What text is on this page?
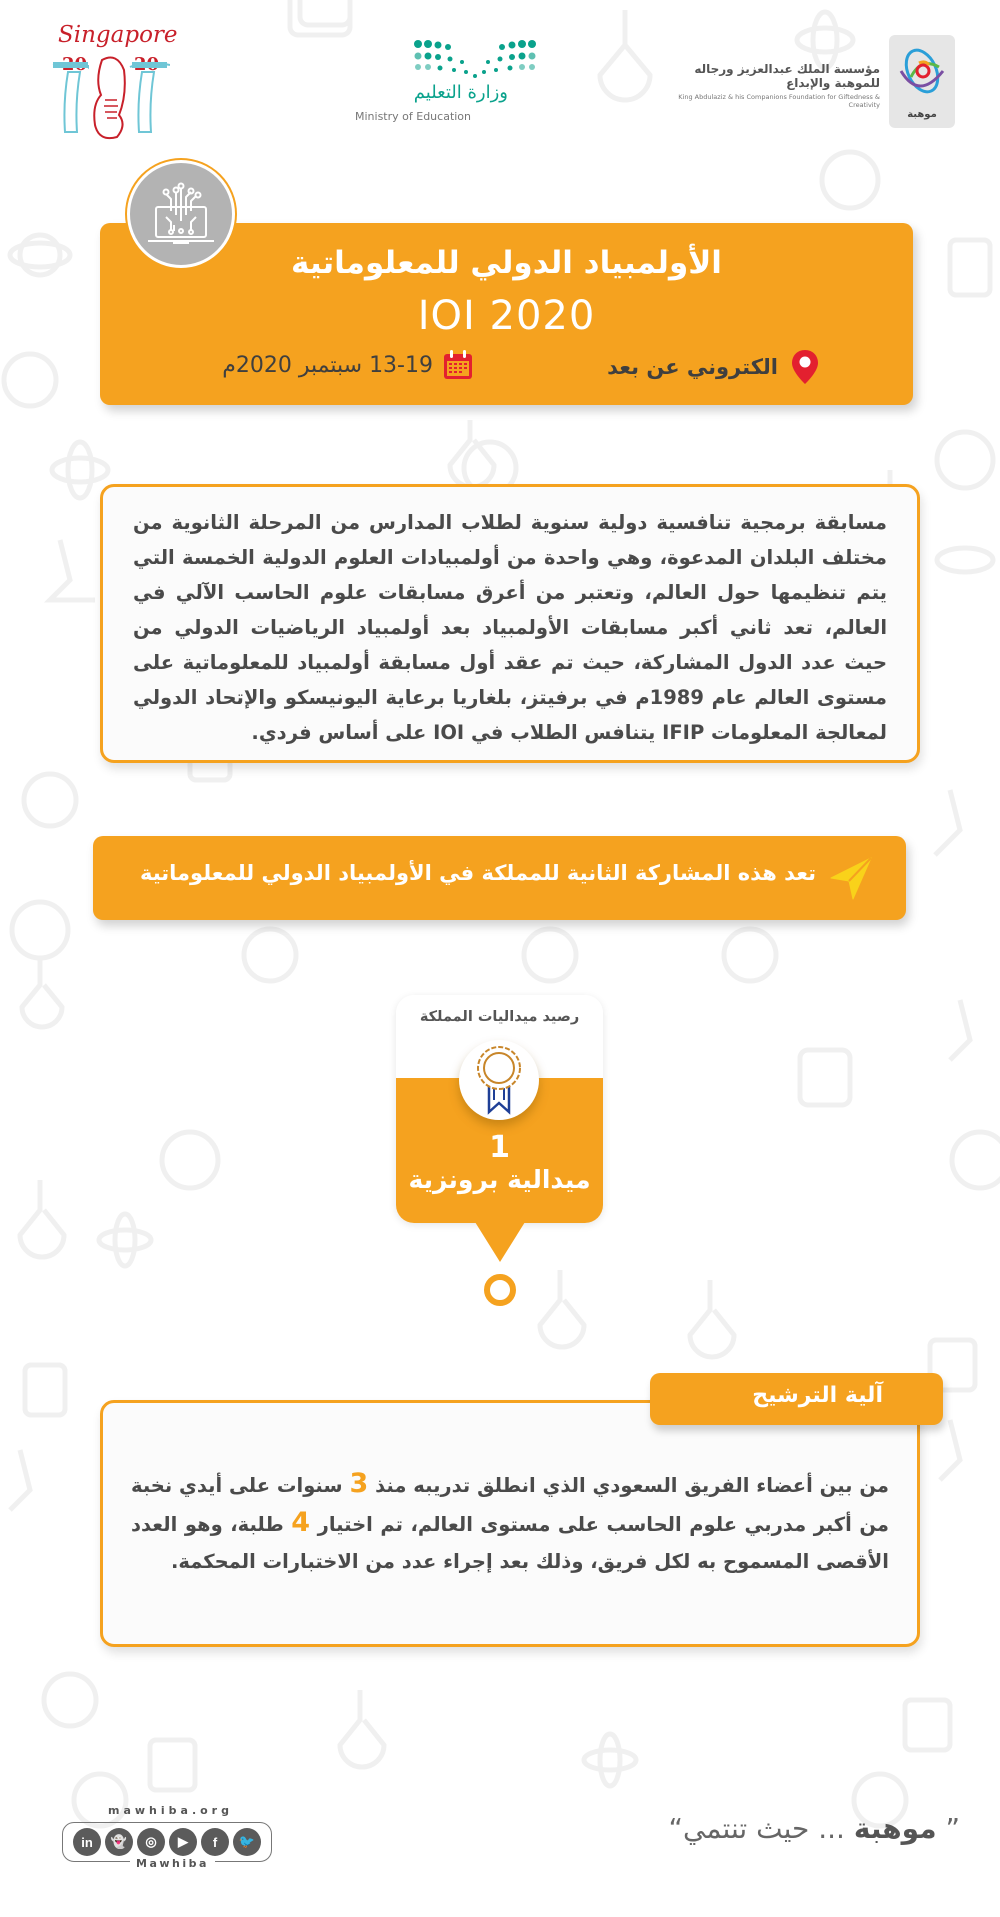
Singapore
20	20
وزارة التعليم
Ministry of Education
مؤسسة الملك عبدالعزيز ورجاله للموهبة والإبداع
King Abdulaziz & his Companions Foundation for Giftedness & Creativity
موهبة
الأولمبياد الدولي للمعلوماتية
IOI 2020
الكتروني عن بعد
13-19 سبتمبر 2020م

مسابقة برمجية تنافسية دولية سنوية لطلاب المدارس من المرحلة الثانوية من مختلف البلدان المدعوة، وهي واحدة من أولمبيادات العلوم الدولية الخمسة التي يتم تنظيمها حول العالم، وتعتبر من أعرق مسابقات علوم الحاسب الآلي في العالم، تعد ثاني أكبر مسابقات الأولمبياد بعد أولمبياد الرياضيات الدولي من حيث عدد الدول المشاركة، حيث تم عقد أول مسابقة أولمبياد للمعلوماتية على مستوى العالم عام 1989م في برفيتز، بلغاريا برعاية اليونيسكو والإتحاد الدولي لمعالجة المعلومات IFIP يتنافس الطلاب في IOI على أساس فردي.

تعد هذه المشاركة الثانية للمملكة في الأولمبياد الدولي للمعلوماتية
رصيد ميداليات المملكة
1
ميدالية برونزية

من بين أعضاء الفريق السعودي الذي انطلق تدريبه منذ 3 سنوات على أيدي نخبة من أكبر مدربي علوم الحاسب على مستوى العالم، تم اختيار 4 طلبة، وهو العدد الأقصى المسموح به لكل فريق، وذلك بعد إجراء عدد من الاختبارات المحكمة.

آلية الترشيح
mawhiba.org
in	👻	◎	▶	f	🐦
Mawhiba
” موهبة ... حيث تنتمي“
